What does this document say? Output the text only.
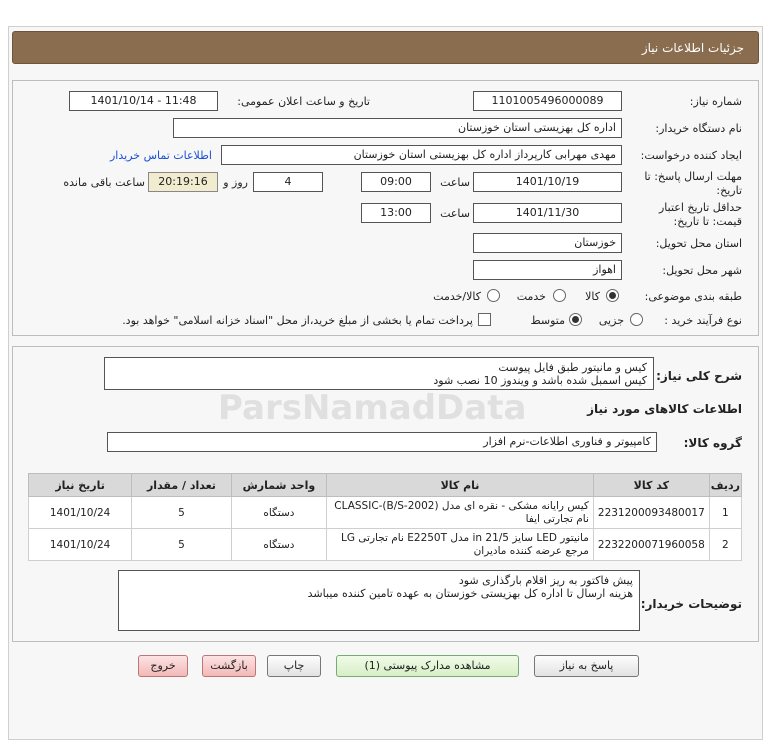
جزئیات اطلاعات نیاز
شماره نیاز:
1101005496000089
تاریخ و ساعت اعلان عمومی:
1401/10/14 - 11:48
نام دستگاه خریدار:
اداره کل بهزیستی استان خوزستان
ایجاد کننده درخواست:
مهدی مهرابی کارپرداز اداره کل بهزیستی استان خوزستان
اطلاعات تماس خریدار
مهلت ارسال پاسخ: تا
تاریخ:
1401/10/19
ساعت
09:00
4
روز و
20:19:16
ساعت باقی مانده
حداقل تاریخ اعتبار
قیمت: تا تاریخ:
1401/11/30
ساعت
13:00
استان محل تحویل:
خوزستان
شهر محل تحویل:
اهواز
طبقه بندی موضوعی:
کالا
خدمت
کالا/خدمت
نوع فرآیند خرید :
جزیی
متوسط
پرداخت تمام یا بخشی از مبلغ خرید،از محل "اسناد خزانه اسلامی" خواهد بود.
شرح کلی نیاز:
کیس و مانیتور طبق فایل پیوست
کیس اسمبل شده باشد و ویندوز 10 نصب شود
اطلاعات کالاهای مورد نیاز
گروه کالا:
کامپیوتر و فناوری اطلاعات-نرم افزار
ردیف	کد کالا	نام کالا	واحد شمارش	تعداد / مقدار	تاریخ نیاز
1	2231200093480017	کیس رایانه مشکی - نقره ای مدل CLASSIC-(B/S-2002) نام تجارتی ایفا	دستگاه	5	1401/10/24
2	2232200071960058	مانیتور LED سایز 21/5 in مدل E2250T نام تجارتی LG مرجع عرضه کننده مادیران	دستگاه	5	1401/10/24
توضیحات خریدار:
پیش فاکتور به ریز اقلام بارگذاری شود
هزینه ارسال تا اداره کل بهزیستی خوزستان به عهده تامین کننده میباشد
پاسخ به نیاز
مشاهده مدارک پیوستی (1)
چاپ
بازگشت
خروج
